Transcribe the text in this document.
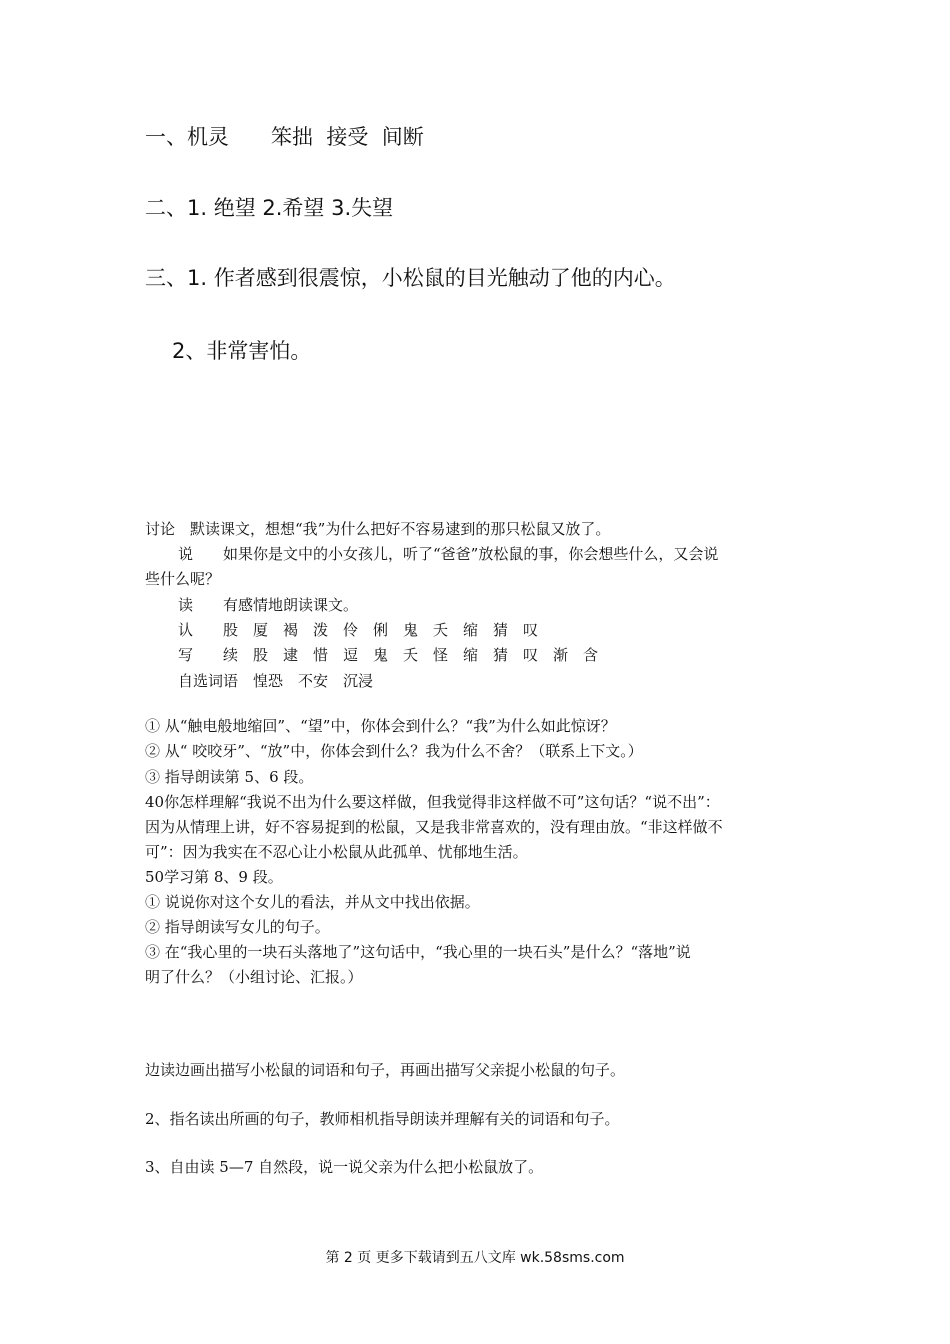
一、机灵　　笨拙  接受  间断
二、1. 绝望 2.希望 3.失望
三、1. 作者感到很震惊，小松鼠的目光触动了他的内心。
2、非常害怕。
讨论　默读课文，想想“我”为什么把好不容易逮到的那只松鼠又放了。
说　　如果你是文中的小女孩儿，听了“爸爸”放松鼠的事，你会想些什么，又会说
些什么呢？
读　　有感情地朗读课文。
认　　股　厦　褐　泼　伶　俐　鬼　夭　缩　猜　叹
写　　续　股　逮　惜　逗　鬼　夭　怪　缩　猜　叹　渐　含
自选词语　惶恐　不安　沉浸
① 从“触电般地缩回”、“望”中，你体会到什么？“我”为什么如此惊讶？
② 从“ 咬咬牙”、“放”中，你体会到什么？我为什么不舍？（联系上下文。）
③ 指导朗读第 5、6 段。
40你怎样理解“我说不出为什么要这样做，但我觉得非这样做不可”这句话？“说不出”：
因为从情理上讲，好不容易捉到的松鼠，又是我非常喜欢的，没有理由放。“非这样做不
可”：因为我实在不忍心让小松鼠从此孤单、忧郁地生活。
50学习第 8、9 段。
① 说说你对这个女儿的看法，并从文中找出依据。
② 指导朗读写女儿的句子。
③ 在“我心里的一块石头落地了”这句话中，“我心里的一块石头”是什么？“落地”说
明了什么？（小组讨论、汇报。）
边读边画出描写小松鼠的词语和句子，再画出描写父亲捉小松鼠的句子。
2、指名读出所画的句子，教师相机指导朗读并理解有关的词语和句子。
3、自由读 5—7 自然段，说一说父亲为什么把小松鼠放了。
第 2 页 更多下载请到五八文库 wk.58sms.com
